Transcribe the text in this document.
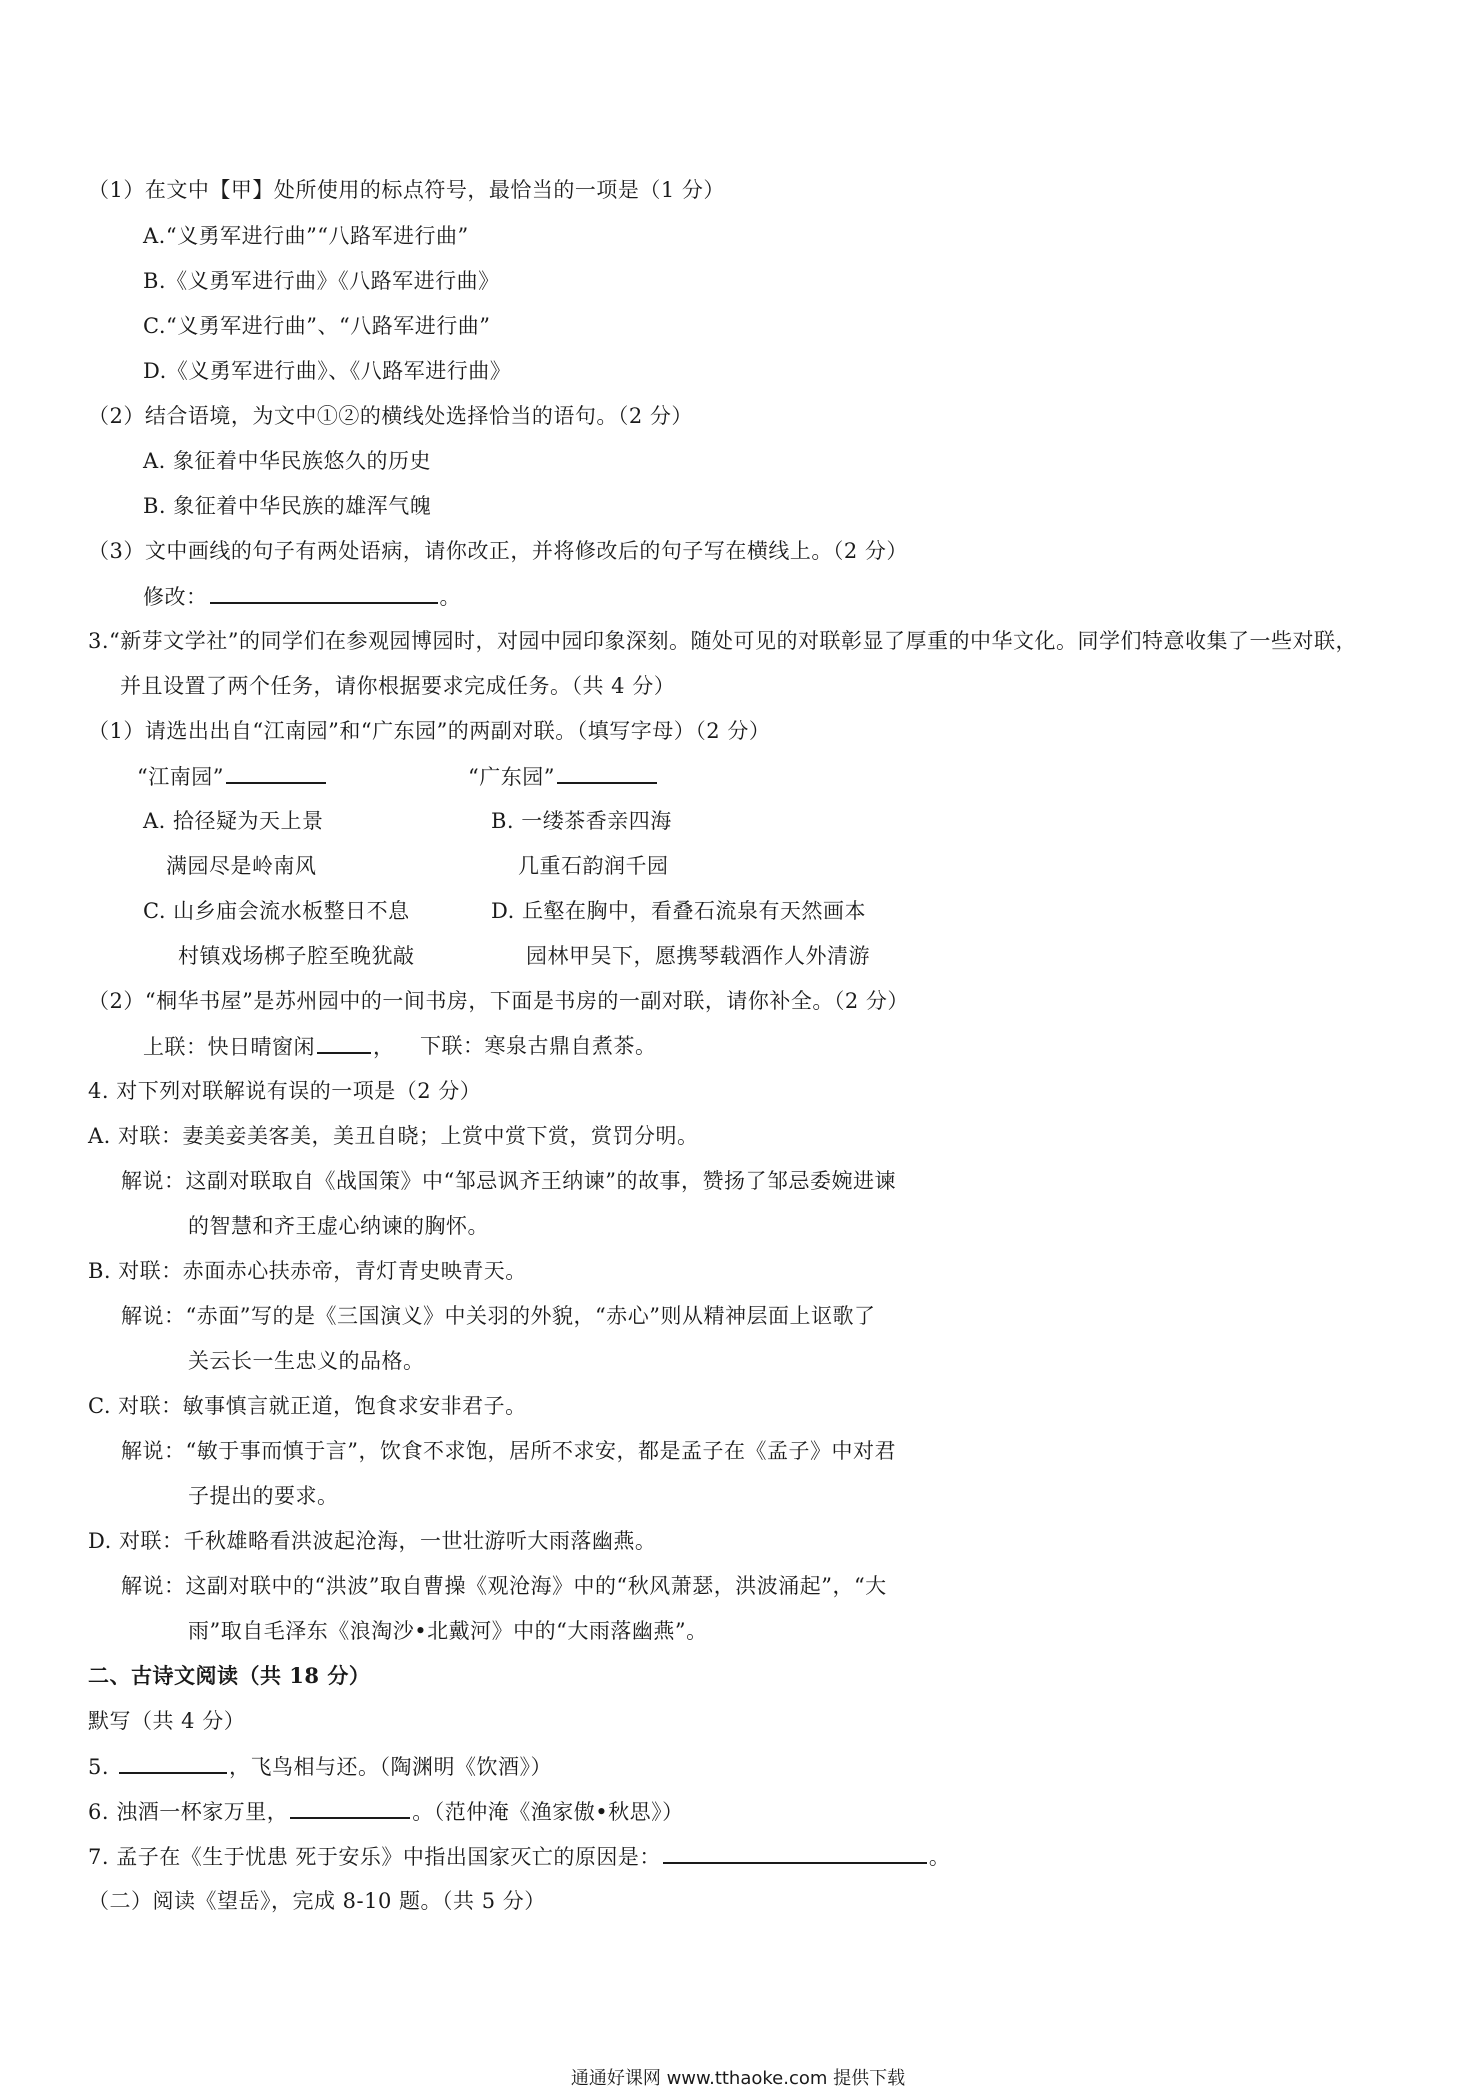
（1）在文中【甲】处所使用的标点符号，最恰当的一项是（1 分）
A.“义勇军进行曲”“八路军进行曲”
B.《义勇军进行曲》《八路军进行曲》
C.“义勇军进行曲”、“八路军进行曲”
D.《义勇军进行曲》、《八路军进行曲》
（2）结合语境，为文中①②的横线处选择恰当的语句。（2 分）
A. 象征着中华民族悠久的历史
B. 象征着中华民族的雄浑气魄
（3）文中画线的句子有两处语病，请你改正，并将修改后的句子写在横线上。（2 分）
修改：	。
3.“新芽文学社”的同学们在参观园博园时，对园中园印象深刻。随处可见的对联彰显了厚重的中华文化。同学们特意收集了一些对联，
并且设置了两个任务，请你根据要求完成任务。（共 4 分）
（1）请选出出自“江南园”和“广东园”的两副对联。（填写字母）（2 分）
“江南园”	“广东园”
A. 拾径疑为天上景	B. 一缕茶香亲四海
满园尽是岭南风	几重石韵润千园
C. 山乡庙会流水板整日不息	D. 丘壑在胸中，看叠石流泉有天然画本
村镇戏场梆子腔至晚犹敲	园林甲吴下，愿携琴载酒作人外清游
（2）“桐华书屋”是苏州园中的一间书房，下面是书房的一副对联，请你补全。（2 分）
上联：快日晴窗闲	， 下联：寒泉古鼎自煮茶。
4. 对下列对联解说有误的一项是（2 分）
A. 对联：妻美妾美客美，美丑自晓；上赏中赏下赏，赏罚分明。
解说：这副对联取自《战国策》中“邹忌讽齐王纳谏”的故事，赞扬了邹忌委婉进谏
的智慧和齐王虚心纳谏的胸怀。
B. 对联：赤面赤心扶赤帝，青灯青史映青天。
解说：“赤面”写的是《三国演义》中关羽的外貌，“赤心”则从精神层面上讴歌了
关云长一生忠义的品格。
C. 对联：敏事慎言就正道，饱食求安非君子。
解说：“敏于事而慎于言”，饮食不求饱，居所不求安，都是孟子在《孟子》中对君
子提出的要求。
D. 对联：千秋雄略看洪波起沧海，一世壮游听大雨落幽燕。
解说：这副对联中的“洪波”取自曹操《观沧海》中的“秋风萧瑟，洪波涌起”，“大
雨”取自毛泽东《浪淘沙•北戴河》中的“大雨落幽燕”。
二、古诗文阅读（共 18 分）
默写（共 4 分）
5.	，飞鸟相与还。（陶渊明《饮酒》）
6. 浊酒一杯家万里，	。（范仲淹《渔家傲•秋思》）
7. 孟子在《生于忧患 死于安乐》中指出国家灭亡的原因是：	。
（二）阅读《望岳》，完成 8-10 题。（共 5 分）
通通好课网 www.tthaoke.com 提供下载
